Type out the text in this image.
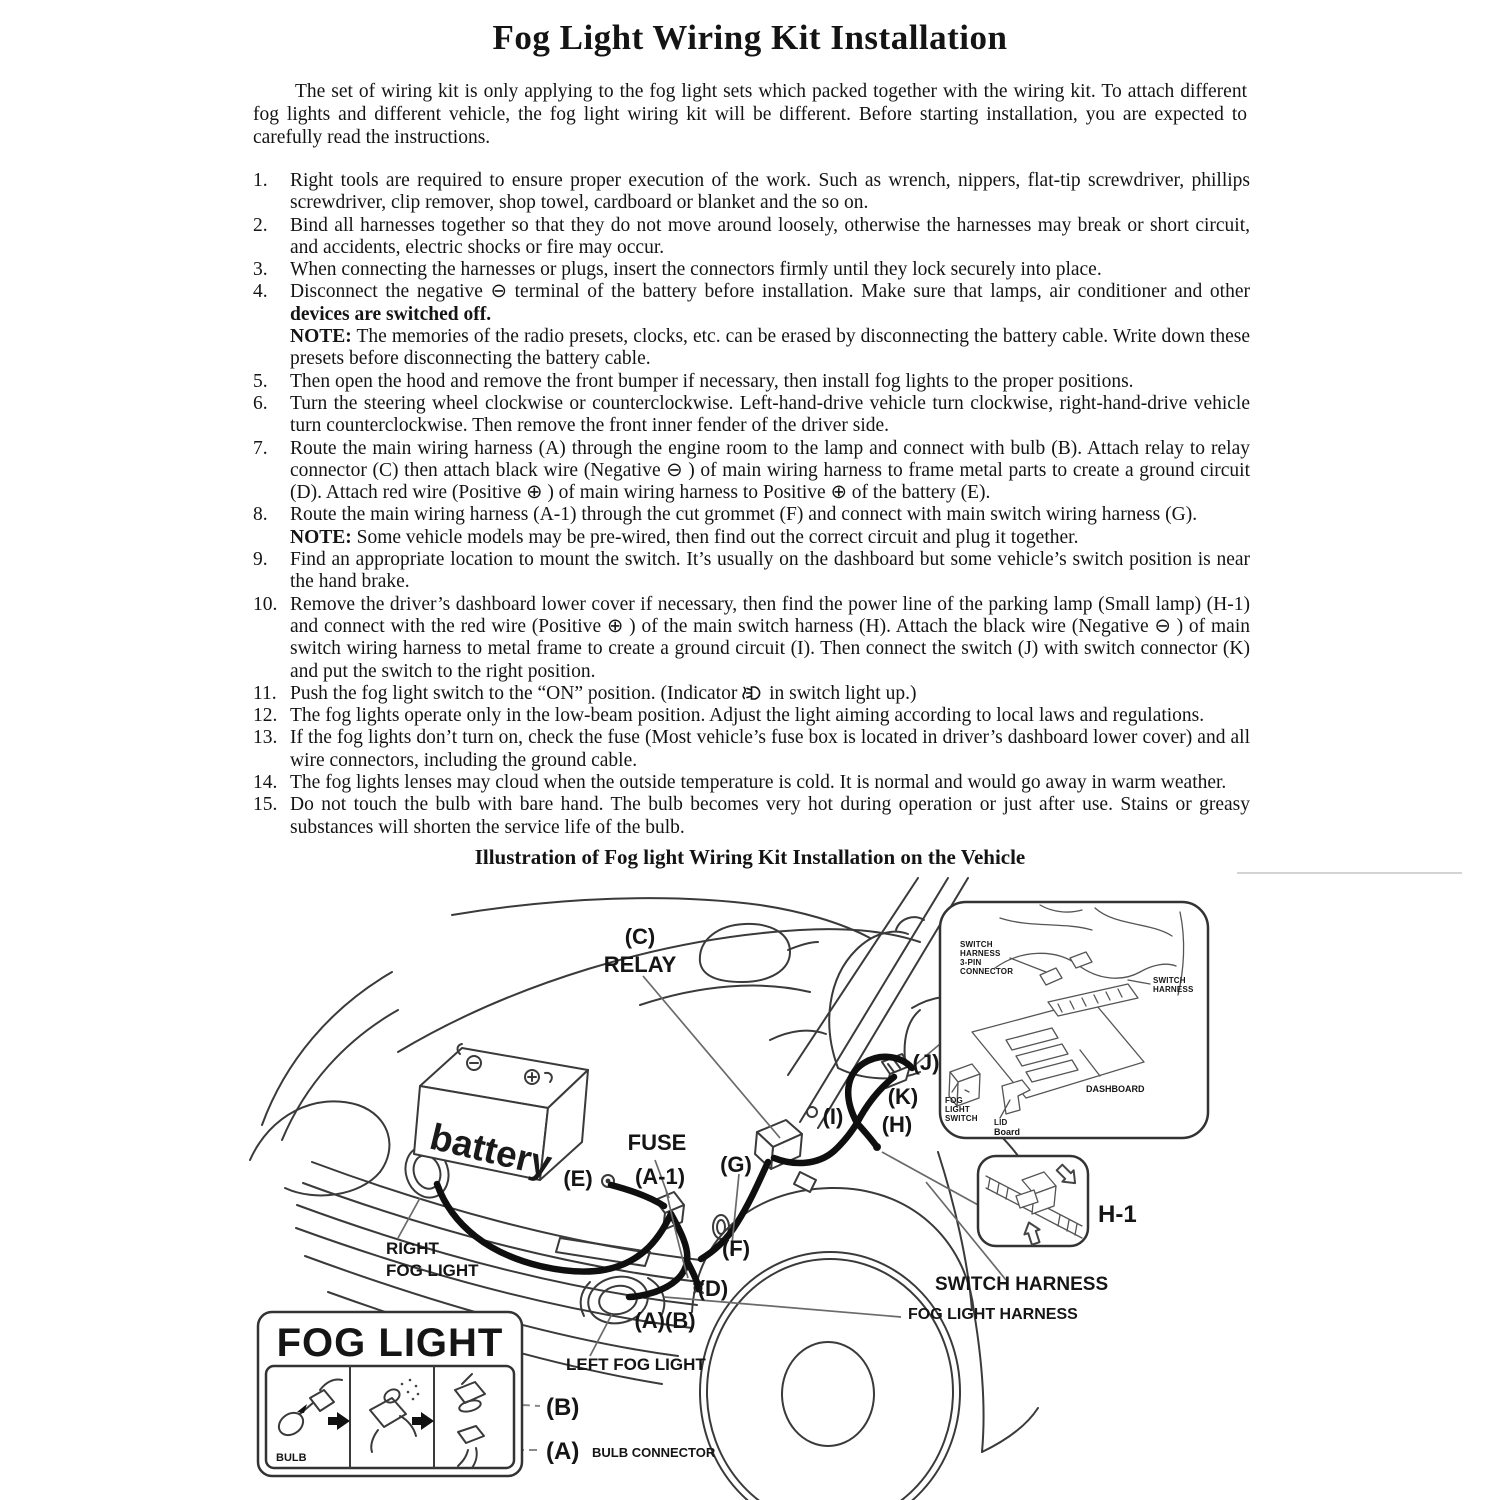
Fog Light Wiring Kit Installation
The set of wiring kit is only applying to the fog light sets which packed together with the wiring kit. To attach different fog lights and different vehicle, the fog light wiring kit will be different. Before starting installation, you are expected to carefully read the instructions.
1.	Right tools are required to ensure proper execution of the work. Such as wrench, nippers, flat-tip screwdriver, phillips screwdriver, clip remover, shop towel, cardboard or blanket and the so on.
2.	Bind all harnesses together so that they do not move around loosely, otherwise the harnesses may break or short circuit, and accidents, electric shocks or fire may occur.
3.	When connecting the harnesses or plugs, insert the connectors firmly until they lock securely into place.
4.	Disconnect the negative ⊖ terminal of the battery before installation. Make sure that lamps, air conditioner and other devices are switched off.
NOTE: The memories of the radio presets, clocks, etc. can be erased by disconnecting the battery cable. Write down these presets before disconnecting the battery cable.
5.	Then open the hood and remove the front bumper if necessary, then install fog lights to the proper positions.
6.	Turn the steering wheel clockwise or counterclockwise. Left-hand-drive vehicle turn clockwise, right-hand-drive vehicle turn counterclockwise. Then remove the front inner fender of the driver side.
7.	Route the main wiring harness (A) through the engine room to the lamp and connect with bulb (B). Attach relay to relay connector (C) then attach black wire (Negative ⊖ ) of main wiring harness to frame metal parts to create a ground circuit (D). Attach red wire (Positive ⊕ ) of main wiring harness to Positive ⊕ of the battery (E).
8.	Route the main wiring harness (A-1) through the cut grommet (F) and connect with main switch wiring harness (G).
NOTE: Some vehicle models may be pre-wired, then find out the correct circuit and plug it together.
9.	Find an appropriate location to mount the switch. It’s usually on the dashboard but some vehicle’s switch position is near the hand brake.
10. Remove the driver’s dashboard lower cover if necessary, then find the power line of the parking lamp (Small lamp) (H-1) and connect with the red wire (Positive ⊕ ) of the main switch harness (H). Attach the black wire (Negative ⊖ ) of main switch wiring harness to metal frame to create a ground circuit (I). Then connect the switch (J) with switch connector (K) and put the switch to the right position.
11. Push the fog light switch to the “ON” position. (Indicator  in switch light up.)
12. The fog lights operate only in the low-beam position. Adjust the light aiming according to local laws and regulations.
13. If the fog lights don’t turn on, check the fuse (Most vehicle’s fuse box is located in driver’s dashboard lower cover) and all wire connectors, including the ground cable.
14. The fog lights lenses may cloud when the outside temperature is cold. It is normal and would go away in warm weather.
15. Do not touch the bulb with bare hand. The bulb becomes very hot during operation or just after use. Stains or greasy substances will shorten the service life of the bulb.
Illustration of Fog light Wiring Kit Installation on the Vehicle
battery
(C)
RELAY
FUSE
(E) (A-1) (G)
(I)
(J)
(K)
(H)
(F)
(D)
(A)(B)
RIGHT
FOG LIGHT
LEFT FOG LIGHT
SWITCH HARNESS
FOG LIGHT HARNESS
H-1
SWITCH
HARNESS
3-PIN
CONNECTOR
SWITCH
HARNESS
DASHBOARD
FOG
LIGHT
SWITCH LID
Board
FOG LIGHT
BULB
(B)
(A) BULB CONNECTOR
